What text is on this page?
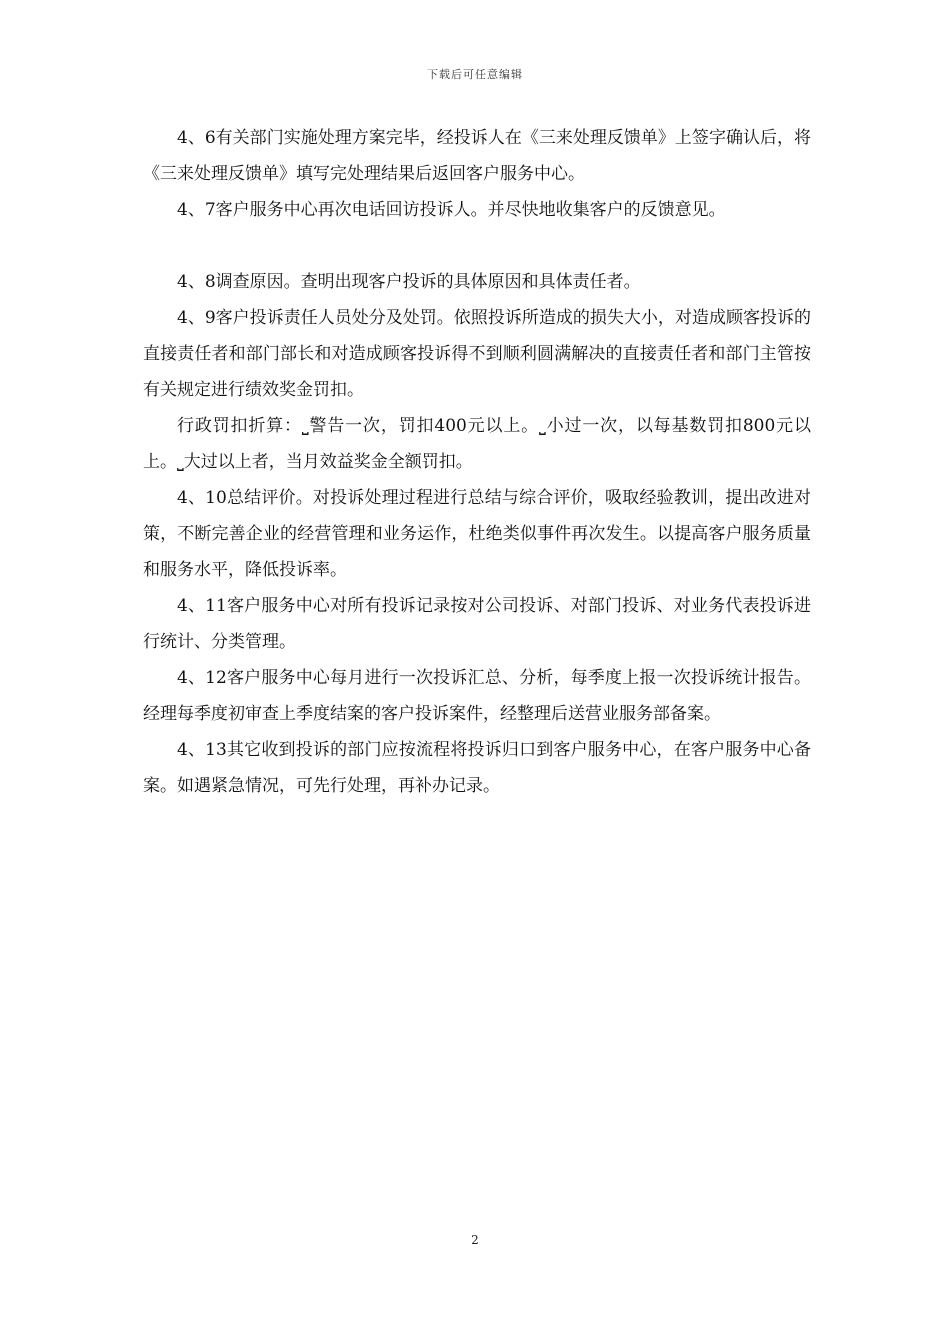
下载后可任意编辑

4、6有关部门实施处理方案完毕，经投诉人在《三来处理反馈单》上签字确认后，将《三来处理反馈单》填写完处理结果后返回客户服务中心。

4、7客户服务中心再次电话回访投诉人。并尽快地收集客户的反馈意见。

4、8调查原因。查明出现客户投诉的具体原因和具体责任者。

4、9客户投诉责任人员处分及处罚。依照投诉所造成的损失大小，对造成顾客投诉的直接责任者和部门部长和对造成顾客投诉得不到顺利圆满解决的直接责任者和部门主管按有关规定进行绩效奖金罚扣。

行政罚扣折算：⎵警告一次，罚扣400元以上。⎵小过一次，以每基数罚扣800元以上。⎵大过以上者，当月效益奖金全额罚扣。

4、10总结评价。对投诉处理过程进行总结与综合评价，吸取经验教训，提出改进对策，不断完善企业的经营管理和业务运作，杜绝类似事件再次发生。以提高客户服务质量和服务水平，降低投诉率。

4、11客户服务中心对所有投诉记录按对公司投诉、对部门投诉、对业务代表投诉进行统计、分类管理。

4、12客户服务中心每月进行一次投诉汇总、分析，每季度上报一次投诉统计报告。经理每季度初审查上季度结案的客户投诉案件，经整理后送营业服务部备案。

4、13其它收到投诉的部门应按流程将投诉归口到客户服务中心，在客户服务中心备案。如遇紧急情况，可先行处理，再补办记录。

2
